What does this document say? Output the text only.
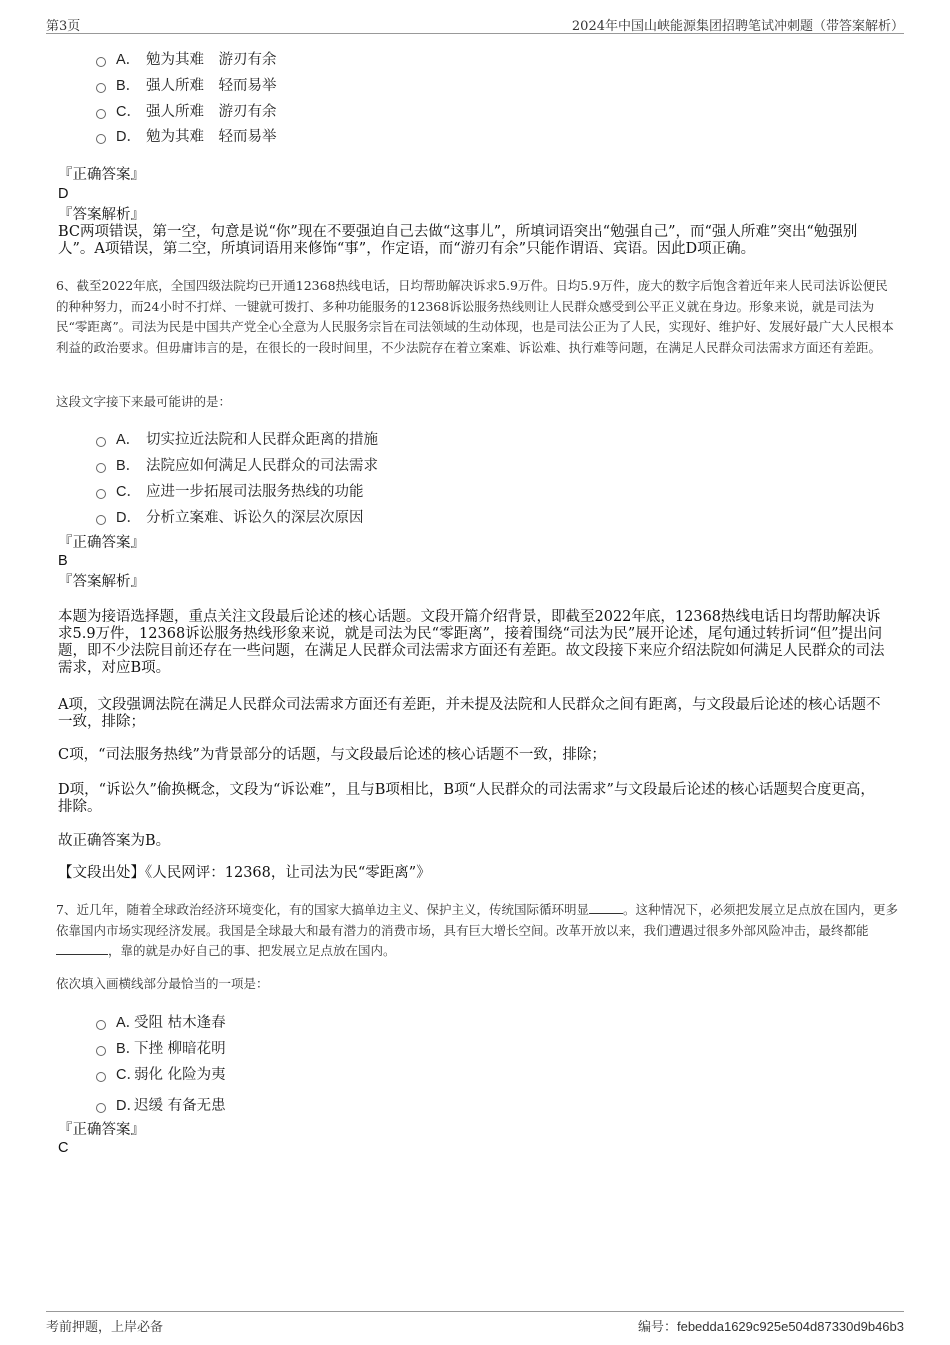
第3页	2024年中国山峡能源集团招聘笔试冲刺题（带答案解析）
A． 勉为其难　游刃有余
B． 强人所难　轻而易举
C． 强人所难　游刃有余
D． 勉为其难　轻而易举
『正确答案』
D
『答案解析』
BC两项错误，第一空，句意是说“你”现在不要强迫自己去做“这事儿”，所填词语突出“勉强自己”，而“强人所难”突出“勉强别人”。A项错误，第二空，所填词语用来修饰“事”，作定语，而“游刃有余”只能作谓语、宾语。因此D项正确。
6、截至2022年底，全国四级法院均已开通12368热线电话，日均帮助解决诉求5.9万件。日均5.9万件，庞大的数字后饱含着近年来人民司法诉讼便民的种种努力，而24小时不打烊、一键就可拨打、多种功能服务的12368诉讼服务热线则让人民群众感受到公平正义就在身边。形象来说，就是司法为民“零距离”。司法为民是中国共产党全心全意为人民服务宗旨在司法领域的生动体现，也是司法公正为了人民，实现好、维护好、发展好最广大人民根本利益的政治要求。但毋庸讳言的是，在很长的一段时间里，不少法院存在着立案难、诉讼难、执行难等问题，在满足人民群众司法需求方面还有差距。
这段文字接下来最可能讲的是：
A． 切实拉近法院和人民群众距离的措施
B． 法院应如何满足人民群众的司法需求
C． 应进一步拓展司法服务热线的功能
D． 分析立案难、诉讼久的深层次原因
『正确答案』
B
『答案解析』
本题为接语选择题，重点关注文段最后论述的核心话题。文段开篇介绍背景，即截至2022年底，12368热线电话日均帮助解决诉求5.9万件，12368诉讼服务热线形象来说，就是司法为民“零距离”，接着围绕“司法为民”展开论述，尾句通过转折词“但”提出问题，即不少法院目前还存在一些问题，在满足人民群众司法需求方面还有差距。故文段接下来应介绍法院如何满足人民群众的司法需求，对应B项。
A项，文段强调法院在满足人民群众司法需求方面还有差距，并未提及法院和人民群众之间有距离，与文段最后论述的核心话题不一致，排除；
C项，“司法服务热线”为背景部分的话题，与文段最后论述的核心话题不一致，排除；
D项，“诉讼久”偷换概念，文段为“诉讼难”，且与B项相比，B项“人民群众的司法需求”与文段最后论述的核心话题契合度更高，排除。
故正确答案为B。
【文段出处】《人民网评：12368，让司法为民“零距离”》
7、近几年，随着全球政治经济环境变化，有的国家大搞单边主义、保护主义，传统国际循环明显	。这种情况下，必须把发展立足点放在国内，更多依靠国内市场实现经济发展。我国是全球最大和最有潜力的消费市场，具有巨大增长空间。改革开放以来，我们遭遇过很多外部风险冲击，最终都能，靠的就是办好自己的事、把发展立足点放在国内。
依次填入画横线部分最恰当的一项是：
A．受阻 枯木逢春
B．下挫 柳暗花明
C．弱化 化险为夷
D．迟缓 有备无患
『正确答案』
C
考前押题，上岸必备	编号：febedda1629c925e504d87330d9b46b3
